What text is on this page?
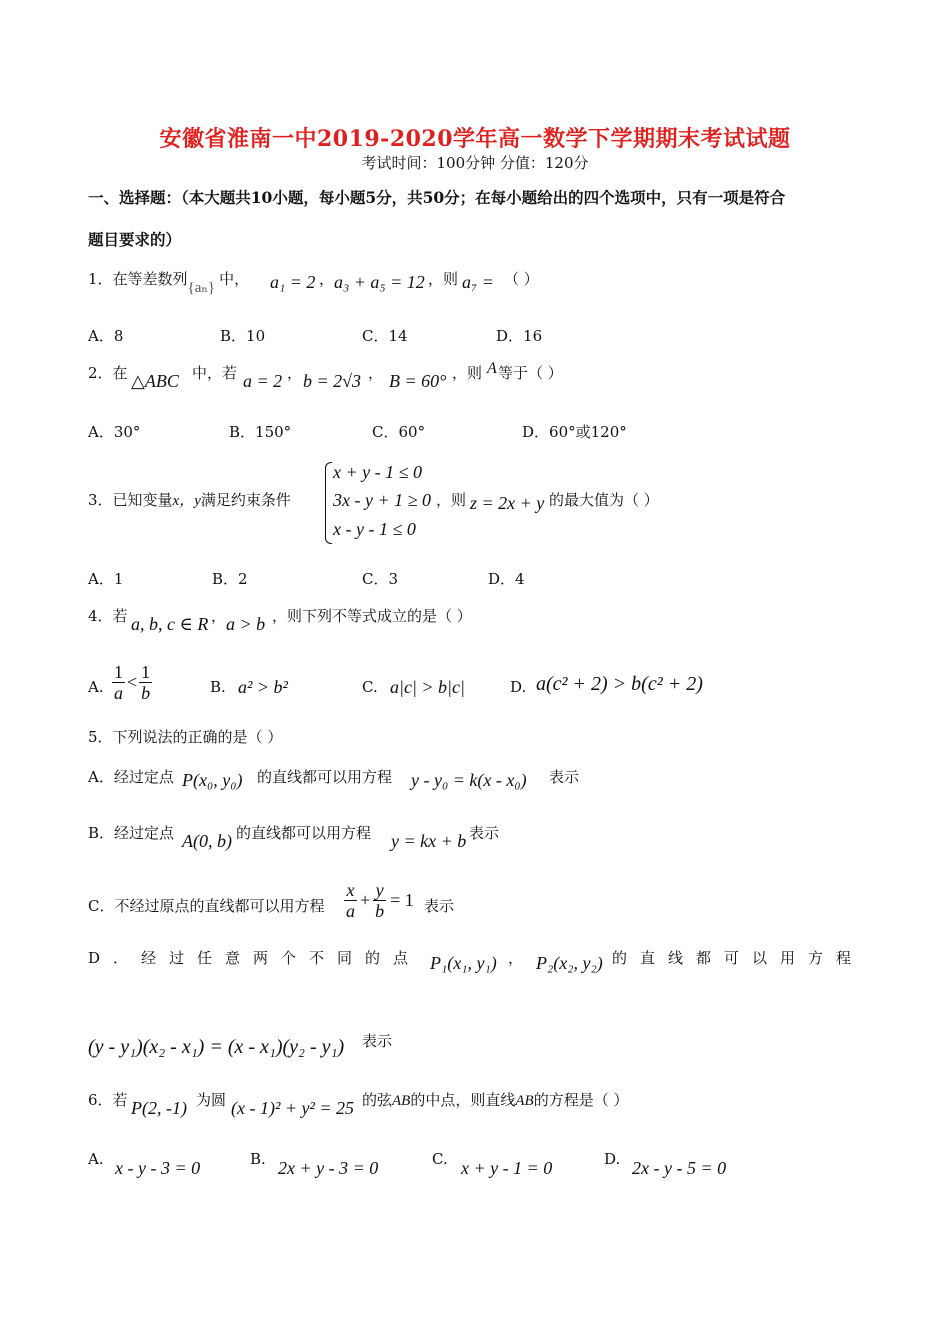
安徽省淮南一中2019-2020学年高一数学下学期期末考试试题
考试时间：100分钟 分值：120分
一、选择题：（本大题共10小题，每小题5分，共50分；在每小题给出的四个选项中，只有一项是符合
题目要求的）
1．在等差数列{aₙ} 中， a₁ = 2 ， a₃ + a₅ = 12 ，则 a₇ = （ ）
A．8	B．10	C．14	D．16
2．在 △ABC 中，若 a = 2 ， b = 2√3 ， B = 60° ，则 A 等于（ ）
A．30°	B．150°	C．60°	D．60°或120°
3．已知变量x，y满足约束条件
x + y - 1 ≤ 0
3x - y + 1 ≥ 0
x - y - 1 ≤ 0
，则 z = 2x + y 的最大值为（ ）
A．1	B．2	C．3	D．4
4．若 a, b, c ∈ R ， a > b ，则下列不等式成立的是（ ）
A. $\frac{1}{a} < \frac{1}{b}$	B. a² > b²	C. a|c| > b|c|	D. a(c² + 2) > b(c² + 2)
5．下列说法的正确的是（ ）
A．经过定点 P(x₀, y₀) 的直线都可以用方程 y - y₀ = k(x - x₀) 表示
B．经过定点 A(0, b) 的直线都可以用方程 y = kx + b 表示
C．不经过原点的直线都可以用方程 $\frac{x}{a} + \frac{y}{b} = 1$ 表示
D．经过任意两个不同的点 P₁(x₁, y₁) ， P₂(x₂, y₂) 的直线都可以用方程
(y - y₁)(x₂ - x₁) = (x - x₁)(y₂ - y₁) 表示
6．若 P(2, -1) 为圆 (x - 1)² + y² = 25 的弦AB的中点，则直线AB的方程是（ ）
A. x - y - 3 = 0	B. 2x + y - 3 = 0	C. x + y - 1 = 0	D. 2x - y - 5 = 0
